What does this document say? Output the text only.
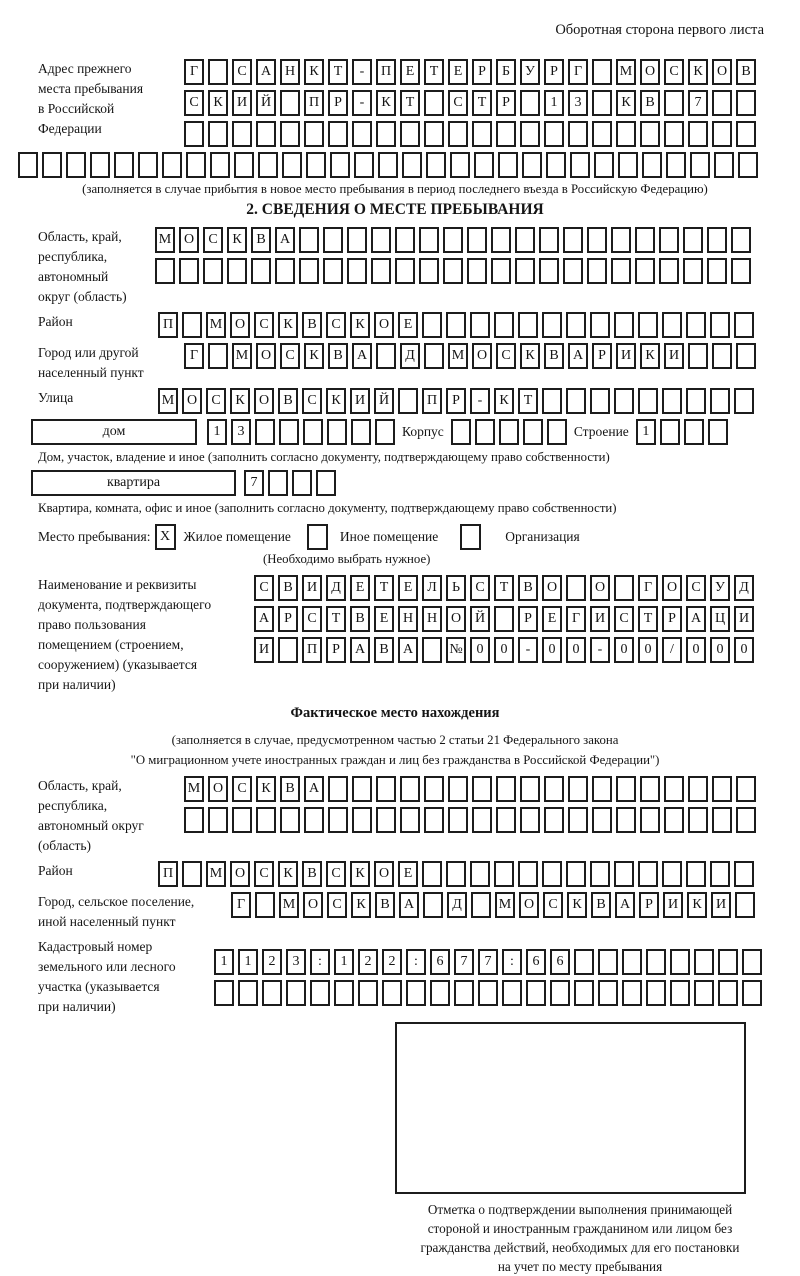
Оборотная сторона первого листа
Адрес прежнего
места пребывания
в Российской
Федерации
Г	С	А Н	К	Т	-	П	Е	Т	Е	Р	Б	У	Р	Г	М О	С	К	О	В
С	К	И Й	П	Р	-	К	Т	С	Т	Р	1	3	К	В	7
(заполняется в случае прибытия в новое место пребывания в период последнего въезда в Российскую Федерацию)
2. СВЕДЕНИЯ О МЕСТЕ ПРЕБЫВАНИЯ
Область, край,
республика,
автономный
округ (область)
М О	С	К	В	А
Район	П	М О	С	К	В	С	К	О	Е
Город или другой
населенный пункт
Г	М О	С	К	В	А	Д	М О	С	К	В	А	Р	И	К	И
Улица	М О	С	К	О	В	С	К	И Й	П	Р	-	К	Т
дом	1	3	Корпус	Строение 1
Дом, участок, владение и иное (заполнить согласно документу, подтверждающему право собственности)
квартира	7
Квартира, комната, офис и иное (заполнить согласно документу, подтверждающему право собственности)
Место пребывания: X Жилое помещение	Иное помещение	Организация
(Необходимо выбрать нужное)
Наименование и реквизиты
документа, подтверждающего
право пользования
помещением (строением,
сооружением) (указывается
при наличии)
С	В	И	Д	Е	Т	Е	Л	Ь	С	Т	В	О	О	Г	О	С	У	Д
А	Р	С	Т	В	Е	Н Н О Й	Р	Е	Г	И	С	Т	Р	А Ц И
И	П	Р	А	В	А	№ 0	0	-	0	0	-	0	0	/	0	0	0
Фактическое место нахождения
(заполняется в случае, предусмотренном частью 2 статьи 21 Федерального закона
"О миграционном учете иностранных граждан и лиц без гражданства в Российской Федерации")
Область, край,
республика,
автономный округ
(область)
М О	С	К	В	А
Район	П	М О	С	К	В	С	К	О	Е
Город, сельское поселение,
иной населенный пункт
Г	М О	С	К	В	А	Д	М О	С	К	В	А	Р	И	К	И
Кадастровый номер
земельного или лесного
участка (указывается
при наличии)
1	1	2	3	:	1	2	2	:	6	7	7	:	6	6
Отметка о подтверждении выполнения принимающей
стороной и иностранным гражданином или лицом без
гражданства действий, необходимых для его постановки
на учет по месту пребывания
